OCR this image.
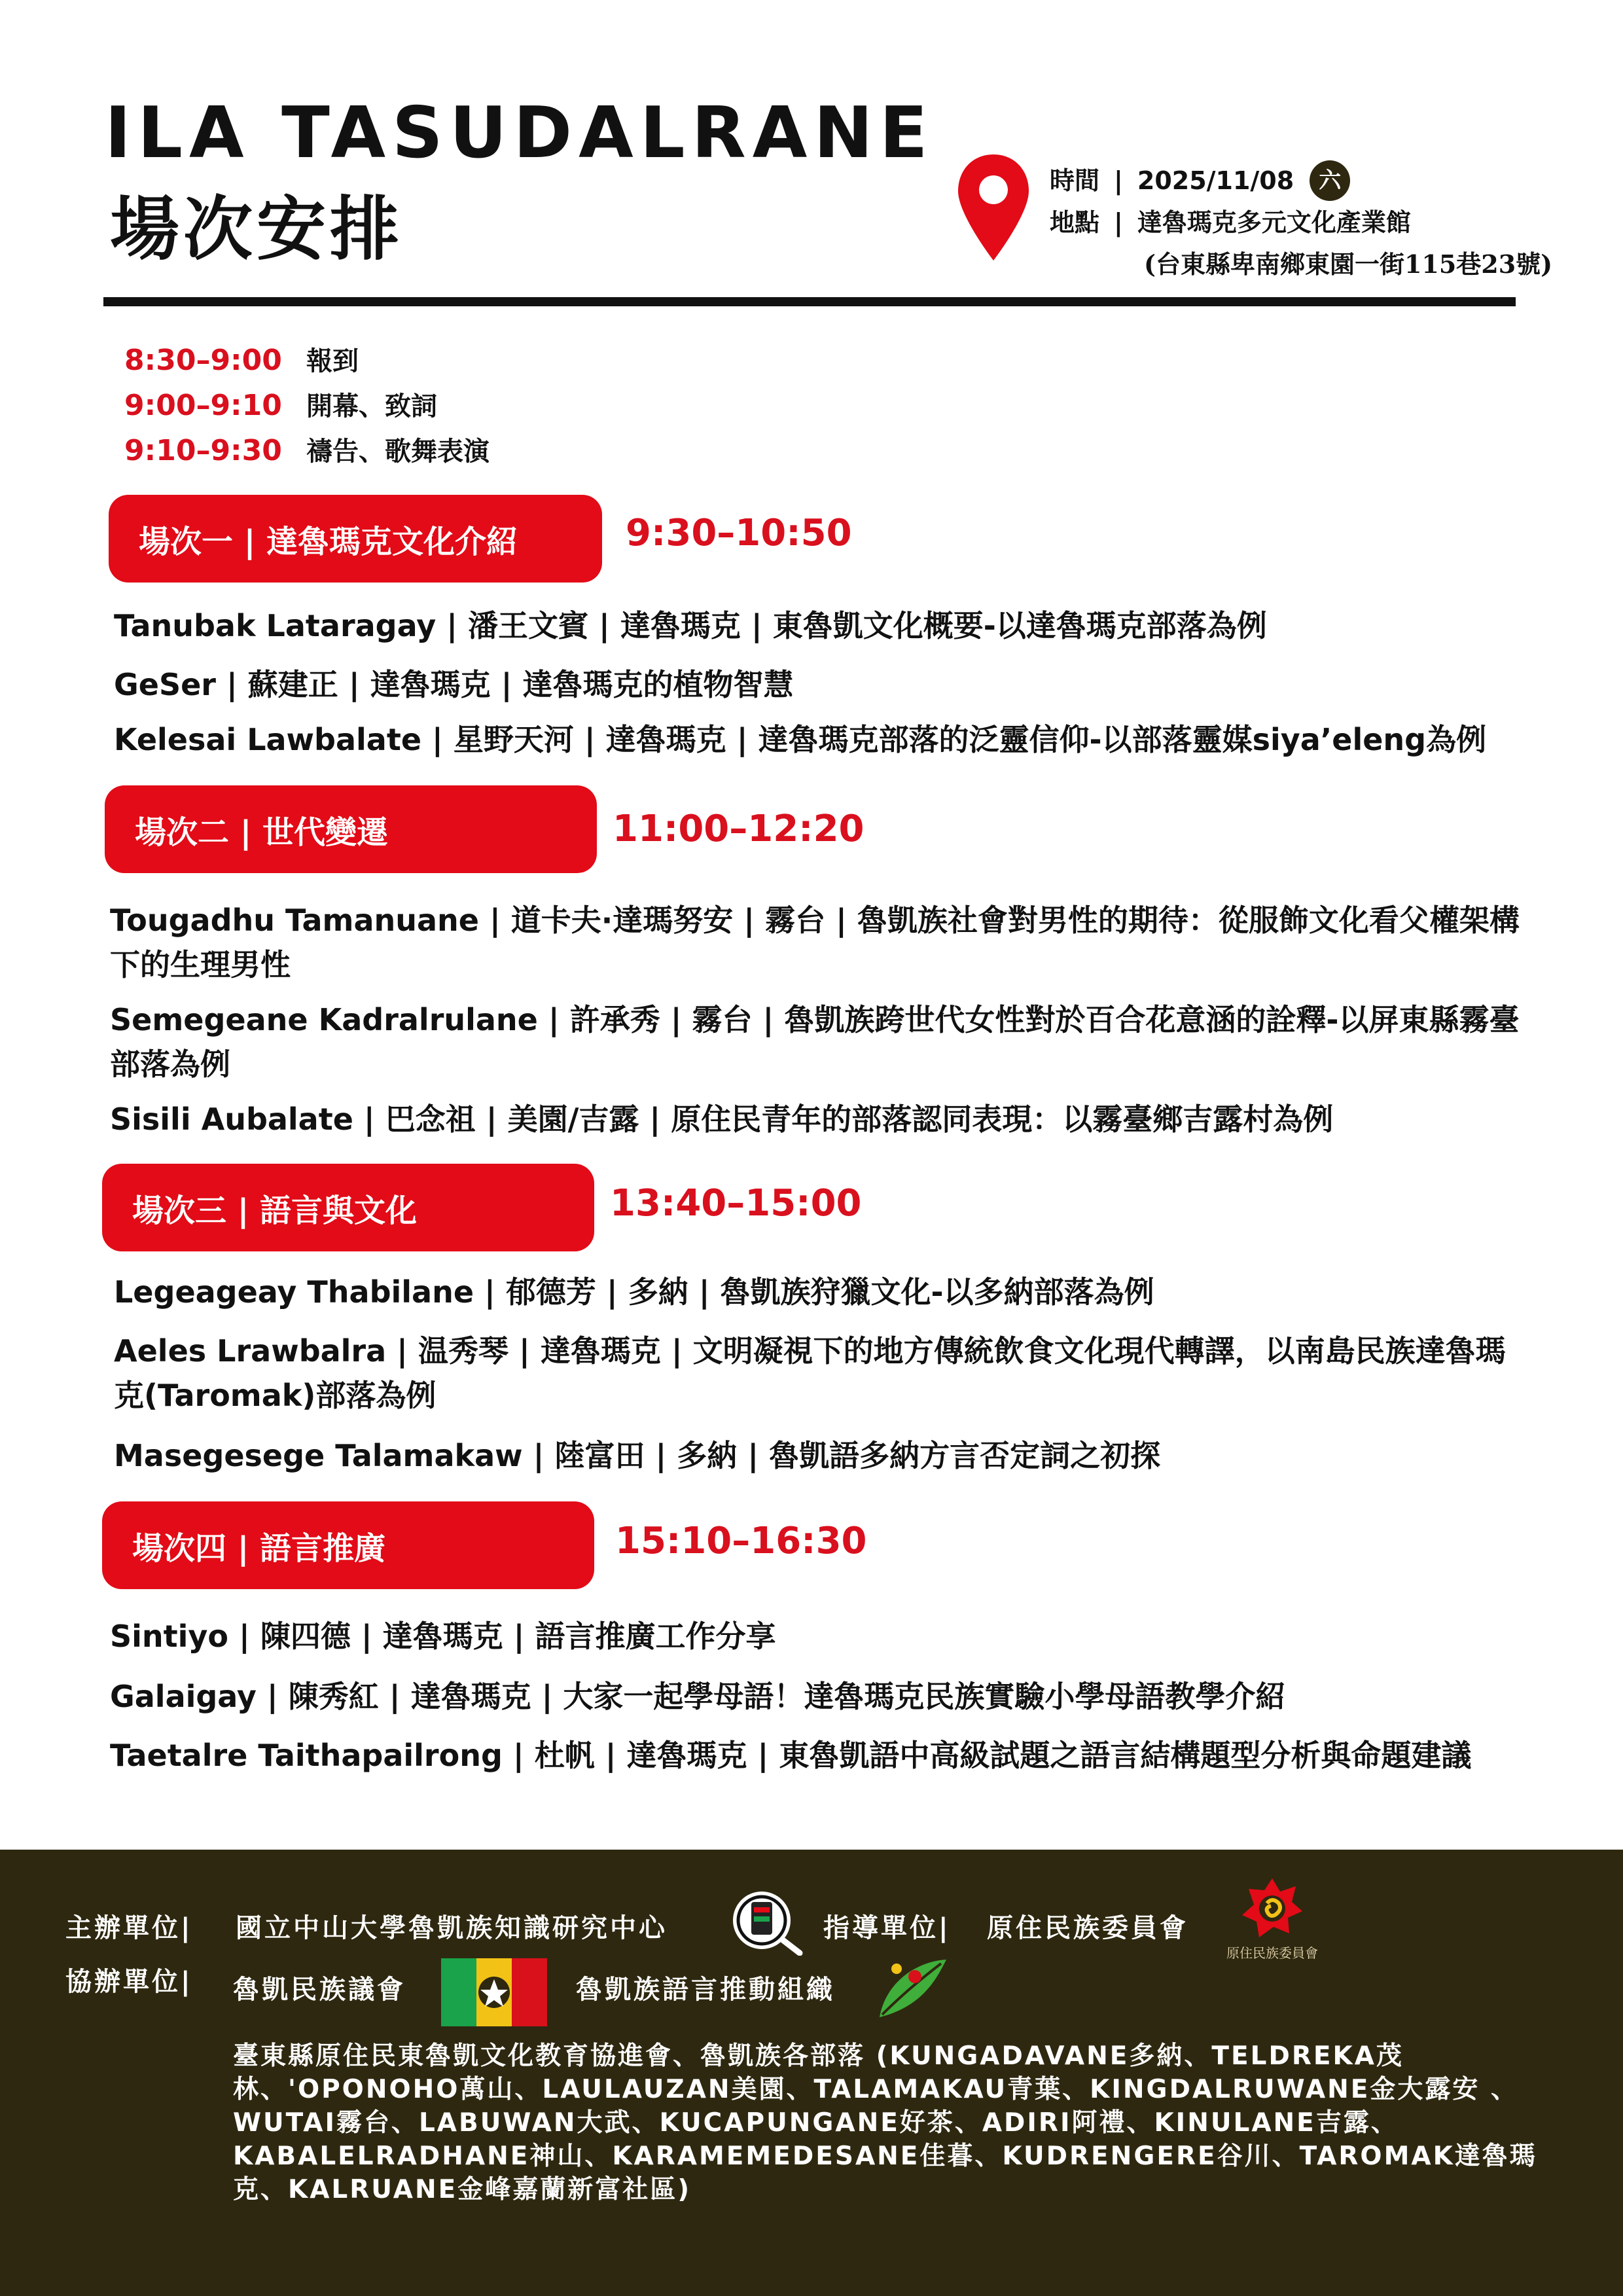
ILA TASUDALRANE
場次安排
時間 | 2025/11/08	六
地點 | 達魯瑪克多元文化產業館
(台東縣卑南鄉東園一街115巷23號)
8:30–9:00 報到
9:00–9:10 開幕、致詞
9:10–9:30 禱告、歌舞表演
場次一 | 達魯瑪克文化介紹	9:30–10:50
Tanubak Lataragay | 潘王文賓 | 達魯瑪克 | 東魯凱文化概要-以達魯瑪克部落為例
GeSer | 蘇建正 | 達魯瑪克 | 達魯瑪克的植物智慧
Kelesai Lawbalate | 星野天河 | 達魯瑪克 | 達魯瑪克部落的泛靈信仰-以部落靈媒siya’eleng為例
場次二 | 世代變遷	11:00–12:20
Tougadhu Tamanuane | 道卡夫·達瑪努安 | 霧台 | 魯凱族社會對男性的期待：從服飾文化看父權架構下的生理男性
Semegeane Kadralrulane | 許承秀 | 霧台 | 魯凱族跨世代女性對於百合花意涵的詮釋-以屏東縣霧臺部落為例
Sisili Aubalate | 巴念祖 | 美園/吉露 | 原住民青年的部落認同表現：以霧臺鄉吉露村為例
場次三 | 語言與文化	13:40–15:00
Legeageay Thabilane | 郁德芳 | 多納 | 魯凱族狩獵文化-以多納部落為例
Aeles Lrawbalra | 温秀琴 | 達魯瑪克 | 文明凝視下的地方傳統飲食文化現代轉譯，以南島民族達魯瑪克(Taromak)部落為例
Masegesege Talamakaw | 陸富田 | 多納 | 魯凱語多納方言否定詞之初探
場次四 | 語言推廣	15:10–16:30
Sintiyo | 陳四德 | 達魯瑪克 | 語言推廣工作分享
Galaigay | 陳秀紅 | 達魯瑪克 | 大家一起學母語！達魯瑪克民族實驗小學母語教學介紹
Taetalre Taithapailrong | 杜帆 | 達魯瑪克 | 東魯凱語中高級試題之語言結構題型分析與命題建議
主辦單位| 國立中山大學魯凱族知識研究中心	指導單位| 原住民族委員會
原住民族委員會
協辦單位| 魯凱民族議會	魯凱族語言推動組織
臺東縣原住民東魯凱文化教育協進會、魯凱族各部落 (KUNGADAVANE多納、TELDREKA茂林、'OPONOHO萬山、LAULAUZAN美園、TALAMAKAU青葉、KINGDALRUWANE金大露安 、WUTAI霧台、LABUWAN大武、KUCAPUNGANE好茶、ADIRI阿禮、KINULANE吉露、KABALELRADHANE神山、KARAMEMEDESANE佳暮、KUDRENGERE谷川、TAROMAK達魯瑪克、KALRUANE金峰嘉蘭新富社區)
